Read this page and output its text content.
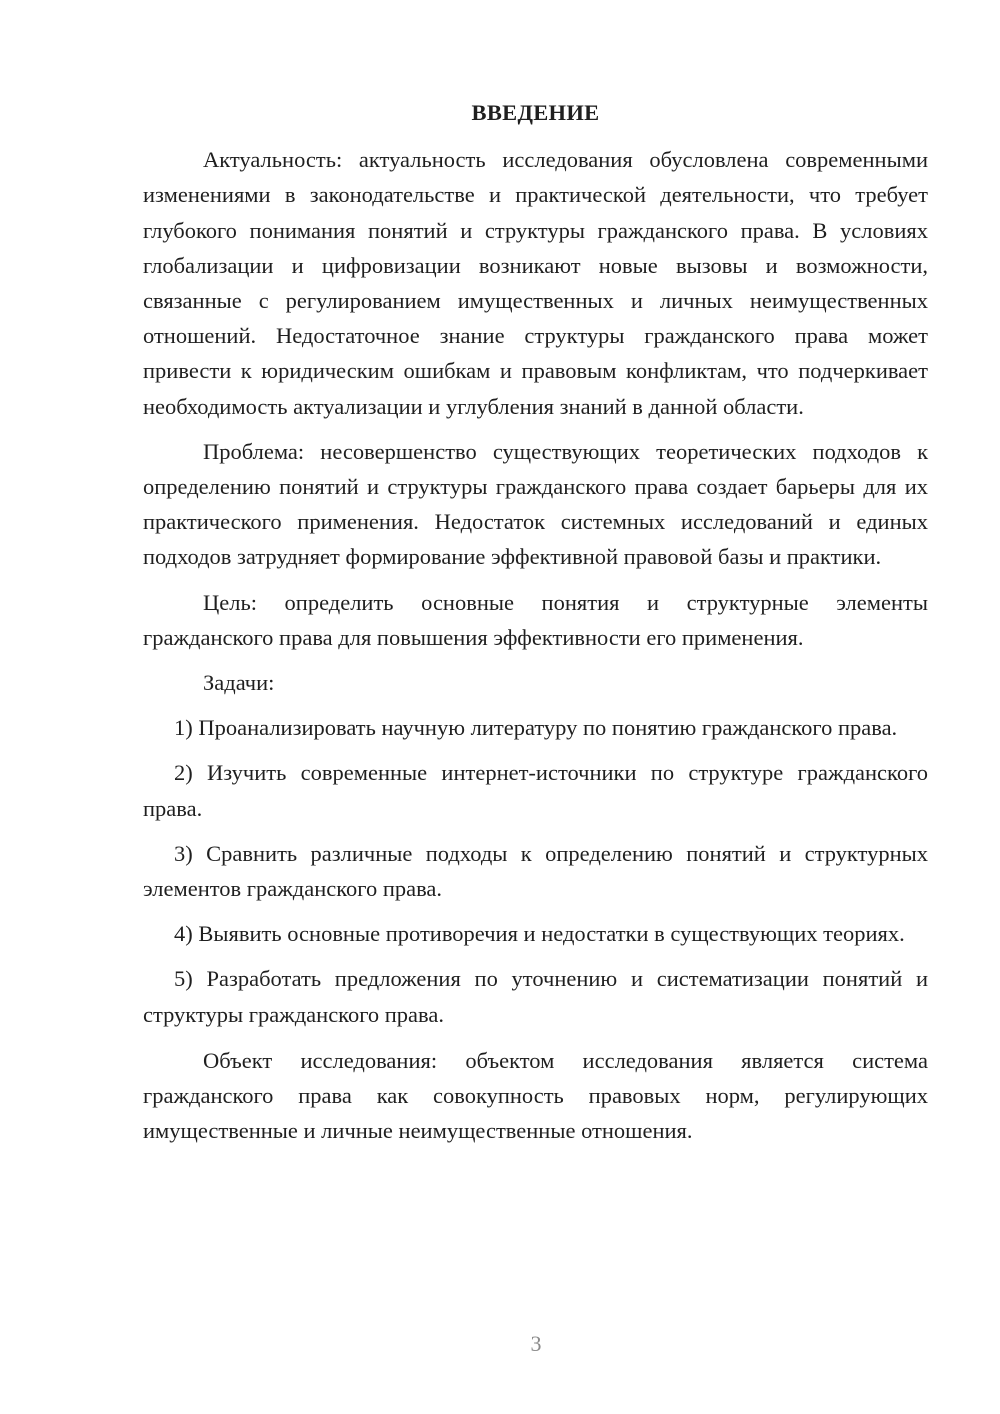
ВВЕДЕНИЕ

Актуальность: актуальность исследования обусловлена современными изменениями в законодательстве и практической деятельности, что требует глубокого понимания понятий и структуры гражданского права. В условиях глобализации и цифровизации возникают новые вызовы и возможности, связанные с регулированием имущественных и личных неимущественных отношений. Недостаточное знание структуры гражданского права может привести к юридическим ошибкам и правовым конфликтам, что подчеркивает необходимость актуализации и углубления знаний в данной области.

Проблема: несовершенство существующих теоретических подходов к определению понятий и структуры гражданского права создает барьеры для их практического применения. Недостаток системных исследований и единых подходов затрудняет формирование эффективной правовой базы и практики.

Цель: определить основные понятия и структурные элементы гражданского права для повышения эффективности его применения.

Задачи:

1) Проанализировать научную литературу по понятию гражданского права.

2) Изучить современные интернет-источники по структуре гражданского права.

3) Сравнить различные подходы к определению понятий и структурных элементов гражданского права.

4) Выявить основные противоречия и недостатки в существующих теориях.

5) Разработать предложения по уточнению и систематизации понятий и структуры гражданского права.

Объект исследования: объектом исследования является система гражданского права как совокупность правовых норм, регулирующих имущественные и личные неимущественные отношения.

3
